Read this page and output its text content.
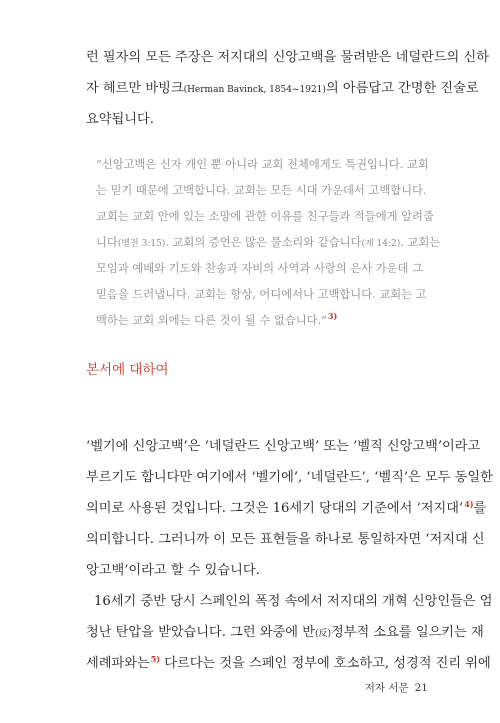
런 필자의 모든 주장은 저지대의 신앙고백을 물려받은 네덜란드의 신하
자 헤르만 바빙크(Herman Bavinck, 1854~1921)의 아름답고 간명한 진술로
요약됩니다.
“신앙고백은 신자 개인 뿐 아니라 교회 전체에게도 특권입니다. 교회
는 믿기 때문에 고백합니다. 교회는 모든 시대 가운데서 고백합니다.
교회는 교회 안에 있는 소망에 관한 이유를 친구들과 적들에게 알려줍
니다(벧전 3:15). 교회의 증언은 많은 물소리와 같습니다(계 14:2). 교회는
모임과 예배와 기도와 찬송과 자비의 사역과 사랑의 은사 가운데 그
믿음을 드러냅니다. 교회는 항상, 어디에서나 고백합니다. 교회는 고
백하는 교회 외에는 다른 것이 될 수 없습니다.”$^{3)}$
본서에 대하여
‘벨기에 신앙고백’은 ‘네덜란드 신앙고백’ 또는 ‘벨직 신앙고백’이라고
부르기도 합니다만 여기에서 ‘벨기에’, ‘네덜란드’, ‘벨직’은 모두 동일한
의미로 사용된 것입니다. 그것은 16세기 당대의 기준에서 ‘저지대’$^{4)}$를
의미합니다. 그러니까 이 모든 표현들을 하나로 통일하자면 ‘저지대 신
앙고백’이라고 할 수 있습니다.
16세기 중반 당시 스페인의 폭정 속에서 저지대의 개혁 신앙인들은 엄
청난 탄압을 받았습니다. 그런 와중에 반(反)정부적 소요를 일으키는 재
세례파와는$^{5)}$ 다르다는 것을 스페인 정부에 호소하고, 성경적 진리 위에
저자 서문 21
